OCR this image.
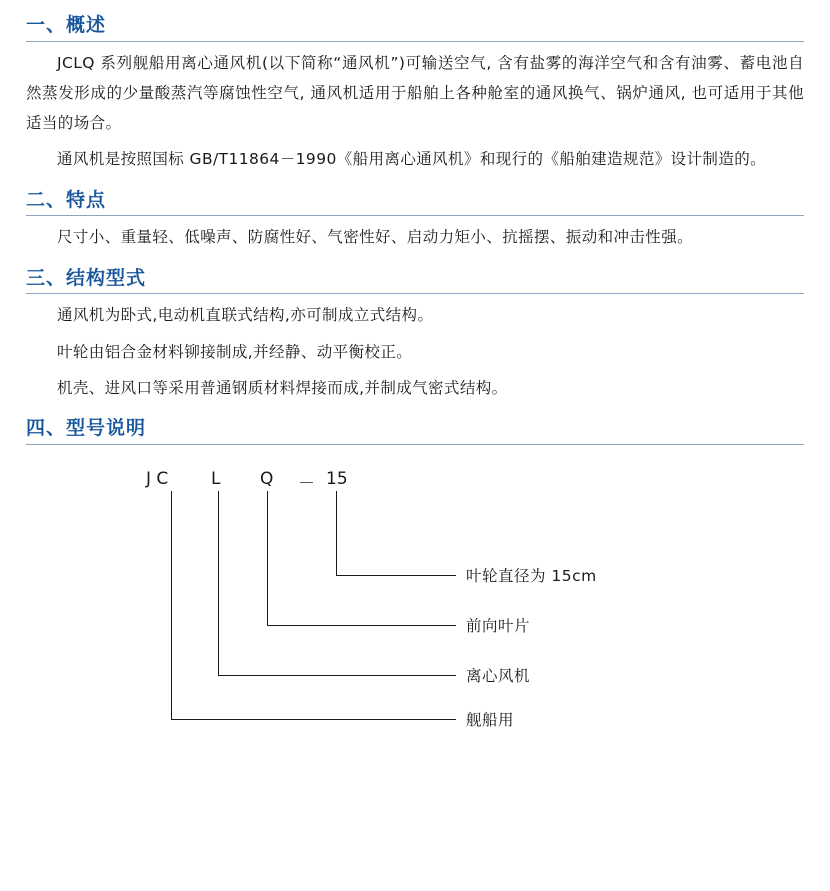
一、概述

JCLQ 系列舰船用离心通风机(以下简称“通风机”)可输送空气, 含有盐雾的海洋空气和含有油雾、蓄电池自然蒸发形成的少量酸蒸汽等腐蚀性空气, 通风机适用于船舶上各种舱室的通风换气、锅炉通风, 也可适用于其他适当的场合。

通风机是按照国标 GB/T11864－1990《船用离心通风机》和现行的《船舶建造规范》设计制造的。

二、特点

尺寸小、重量轻、低噪声、防腐性好、气密性好、启动力矩小、抗摇摆、振动和冲击性强。

三、结构型式

通风机为卧式,电动机直联式结构,亦可制成立式结构。

叶轮由铝合金材料铆接制成,并经静、动平衡校正。

机壳、进风口等采用普通钢质材料焊接而成,并制成气密式结构。

四、型号说明
J C	L Q － 15
叶轮直径为 15cm
前向叶片
离心风机
舰船用
